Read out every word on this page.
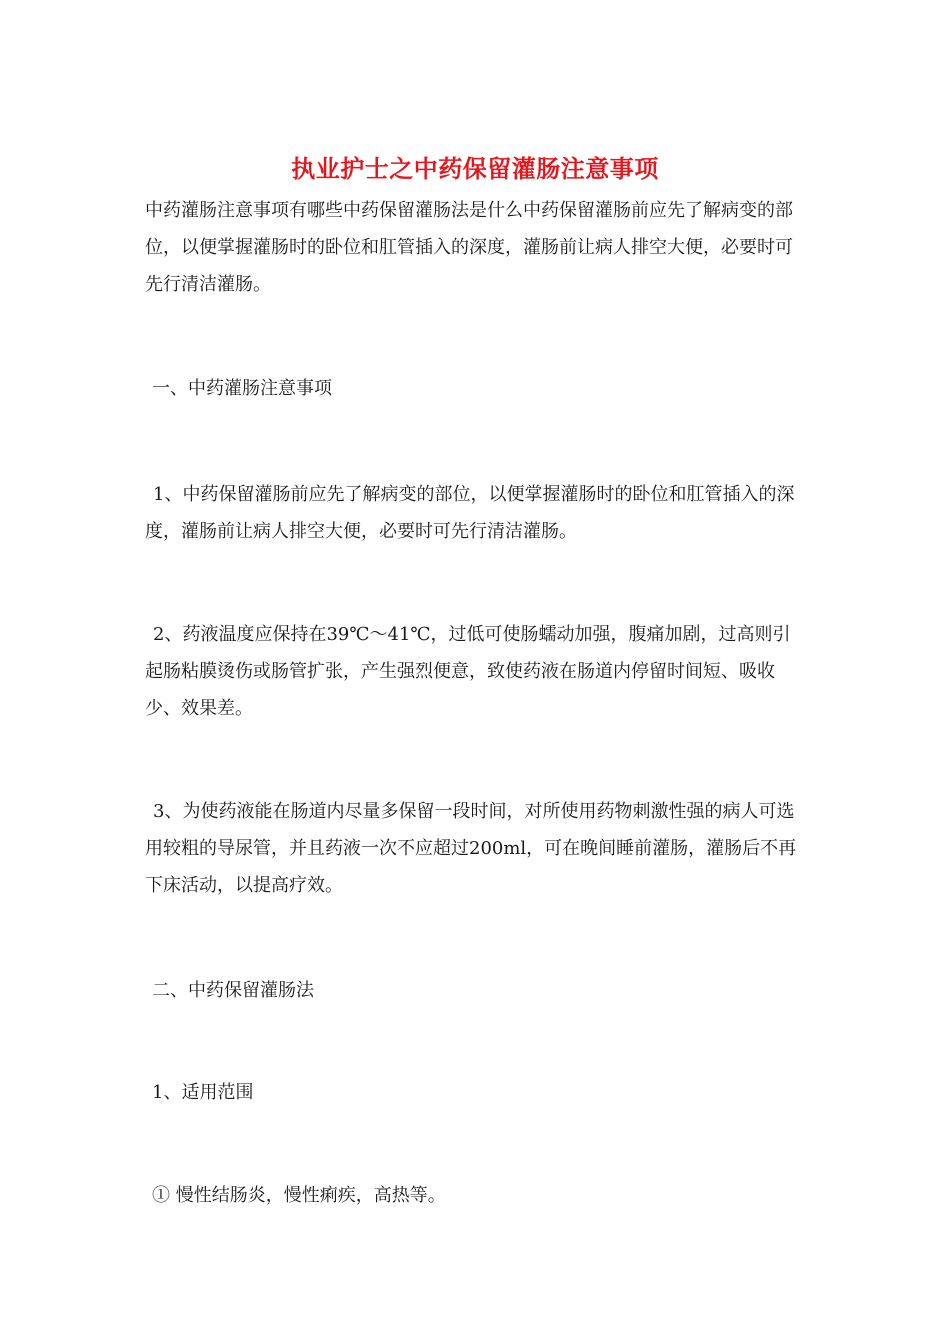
执业护士之中药保留灌肠注意事项
中药灌肠注意事项有哪些中药保留灌肠法是什么中药保留灌肠前应先了解病变的部位，以便掌握灌肠时的卧位和肛管插入的深度，灌肠前让病人排空大便，必要时可先行清洁灌肠。
一、中药灌肠注意事项
1、中药保留灌肠前应先了解病变的部位，以便掌握灌肠时的卧位和肛管插入的深度，灌肠前让病人排空大便，必要时可先行清洁灌肠。
2、药液温度应保持在39℃～41℃，过低可使肠蠕动加强，腹痛加剧，过高则引起肠粘膜烫伤或肠管扩张，产生强烈便意，致使药液在肠道内停留时间短、吸收少、效果差。
3、为使药液能在肠道内尽量多保留一段时间，对所使用药物刺激性强的病人可选用较粗的导尿管，并且药液一次不应超过200ml，可在晚间睡前灌肠，灌肠后不再下床活动，以提高疗效。
二、中药保留灌肠法
1、适用范围
① 慢性结肠炎，慢性痢疾，高热等。
